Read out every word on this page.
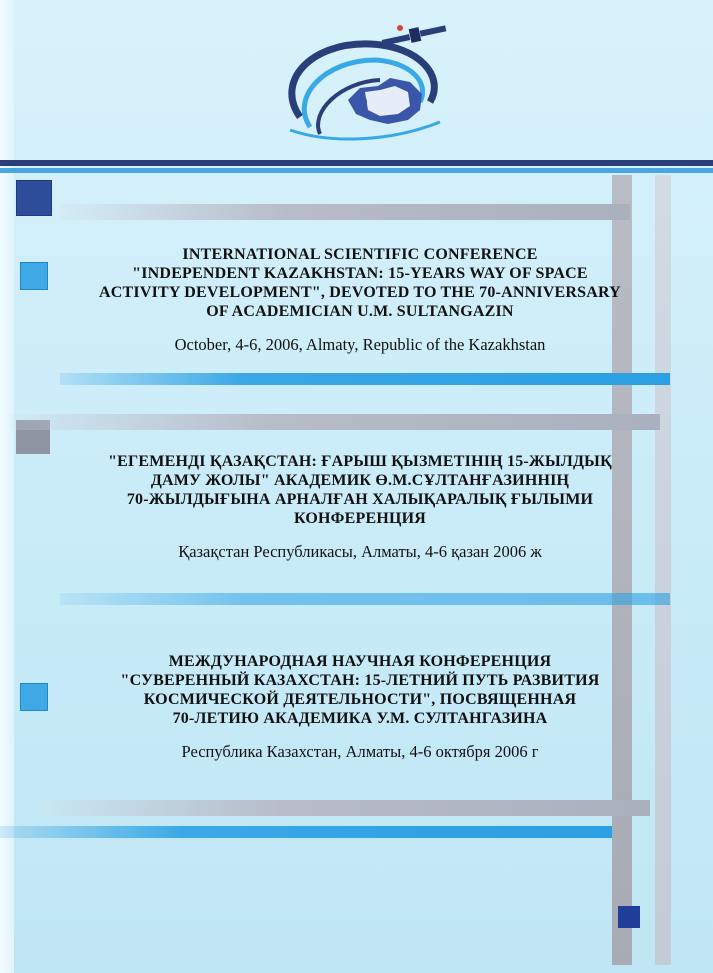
INTERNATIONAL SCIENTIFIC CONFERENCE

"INDEPENDENT KAZAKHSTAN: 15-YEARS WAY OF SPACE

ACTIVITY DEVELOPMENT", DEVOTED TO THE 70-ANNIVERSARY

OF ACADEMICIAN U.M. SULTANGAZIN

October, 4-6, 2006, Almaty, Republic of the Kazakhstan

"ЕГЕМЕНДІ ҚАЗАҚСТАН: ҒАРЫШ ҚЫЗМЕТІНІҢ 15-ЖЫЛДЫҚ

ДАМУ ЖОЛЫ" АКАДЕМИК Ө.М.СҰЛТАНҒАЗИННІҢ

70-ЖЫЛДЫҒЫНА АРНАЛҒАН ХАЛЫҚАРАЛЫҚ ҒЫЛЫМИ

КОНФЕРЕНЦИЯ

Қазақстан Республикасы, Алматы, 4-6 қазан 2006 ж

МЕЖДУНАРОДНАЯ НАУЧНАЯ КОНФЕРЕНЦИЯ

"СУВЕРЕННЫЙ КАЗАХСТАН: 15-ЛЕТНИЙ ПУТЬ РАЗВИТИЯ

КОСМИЧЕСКОЙ ДЕЯТЕЛЬНОСТИ", ПОСВЯЩЕННАЯ

70-ЛЕТИЮ АКАДЕМИКА У.М. СУЛТАНГАЗИНА

Республика Казахстан, Алматы, 4-6 октября 2006 г
